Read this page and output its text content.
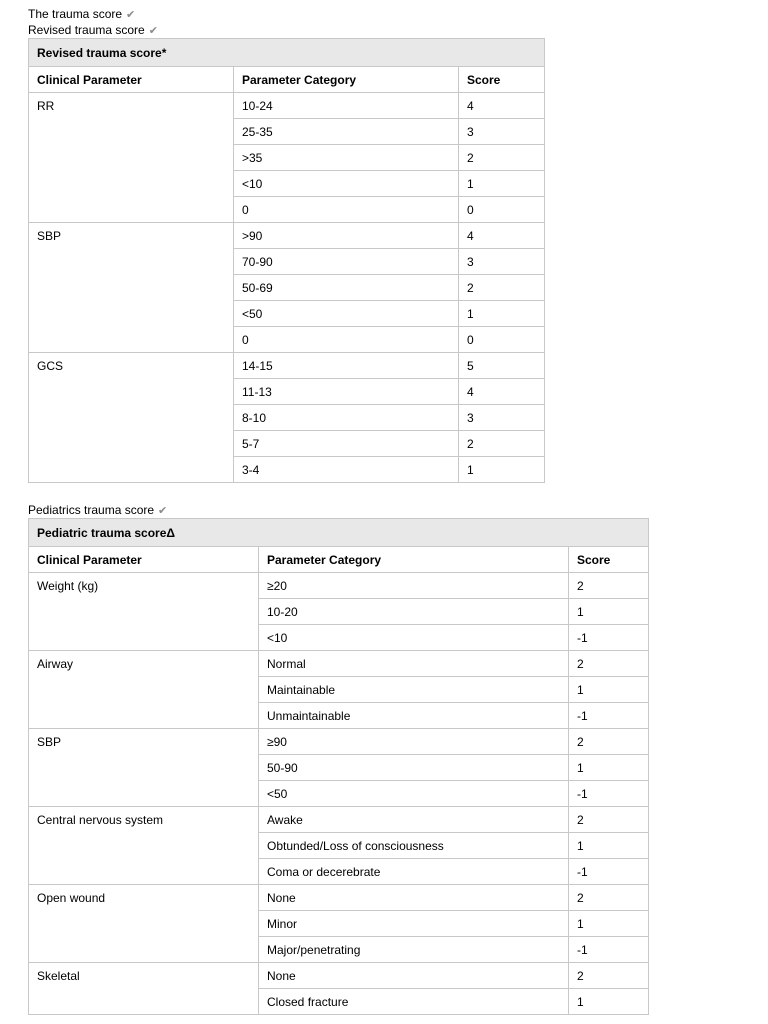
The trauma score ✔
Revised trauma score ✔
Revised trauma score*		
Clinical Parameter	Parameter Category	Score
RR	10-24	4
	25-35	3
	>35	2
	<10	1
	0	0
SBP	>90	4
	70-90	3
	50-69	2
	<50	1
	0	0
GCS	14-15	5
	11-13	4
	8-10	3
	5-7	2
	3-4	1
Pediatrics trauma score ✔
Pediatric trauma scoreΔ		
Clinical Parameter	Parameter Category	Score
Weight (kg)	≥20	2
	10-20	1
	<10	-1
Airway	Normal	2
	Maintainable	1
	Unmaintainable	-1
SBP	≥90	2
	50-90	1
	<50	-1
Central nervous system	Awake	2
	Obtunded/Loss of consciousness	1
	Coma or decerebrate	-1
Open wound	None	2
	Minor	1
	Major/penetrating	-1
Skeletal	None	2
	Closed fracture	1
